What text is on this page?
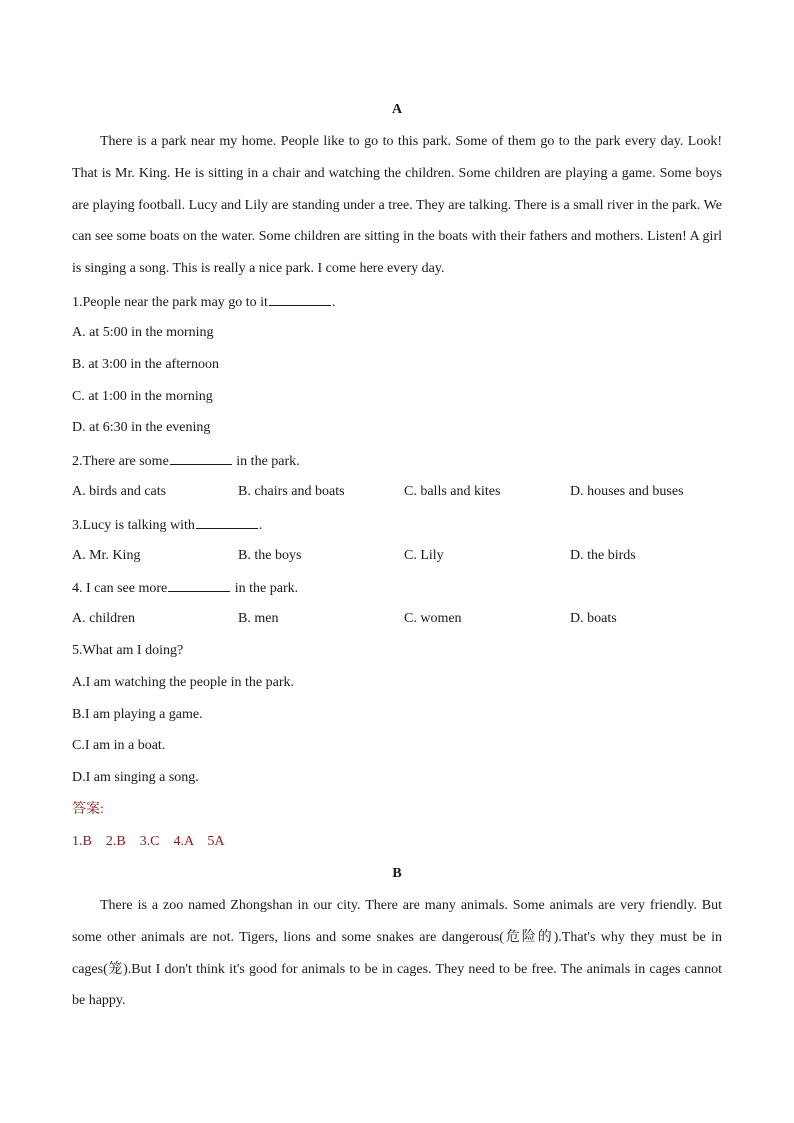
A
There is a park near my home. People like to go to this park. Some of them go to the park every day. Look! That is Mr. King. He is sitting in a chair and watching the children. Some children are playing a game. Some boys are playing football. Lucy and Lily are standing under a tree. They are talking. There is a small river in the park. We can see some boats on the water. Some children are sitting in the boats with their fathers and mothers. Listen! A girl is singing a song. This is really a nice park. I come here every day.
1.People near the park may go to it	.
A. at 5:00 in the morning
B. at 3:00 in the afternoon
C. at 1:00 in the morning
D. at 6:30 in the evening
2.There are some	in the park.
A. birds and cats	B. chairs and boats	C. balls and kites	D. houses and buses
3.Lucy is talking with	.
A. Mr. King	B. the boys	C. Lily	D. the birds
4. I can see more	in the park.
A. children	B. men	C. women	D. boats
5.What am I doing?
A.I am watching the people in the park.
B.I am playing a game.
C.I am in a boat.
D.I am singing a song.
答案:
1.B    2.B    3.C    4.A    5A
B
There is a zoo named Zhongshan in our city. There are many animals. Some animals are very friendly. But some other animals are not. Tigers, lions and some snakes are dangerous(危险的).That's why they must be in cages(笼).But I don't think it's good for animals to be in cages. They need to be free. The animals in cages cannot be happy.
